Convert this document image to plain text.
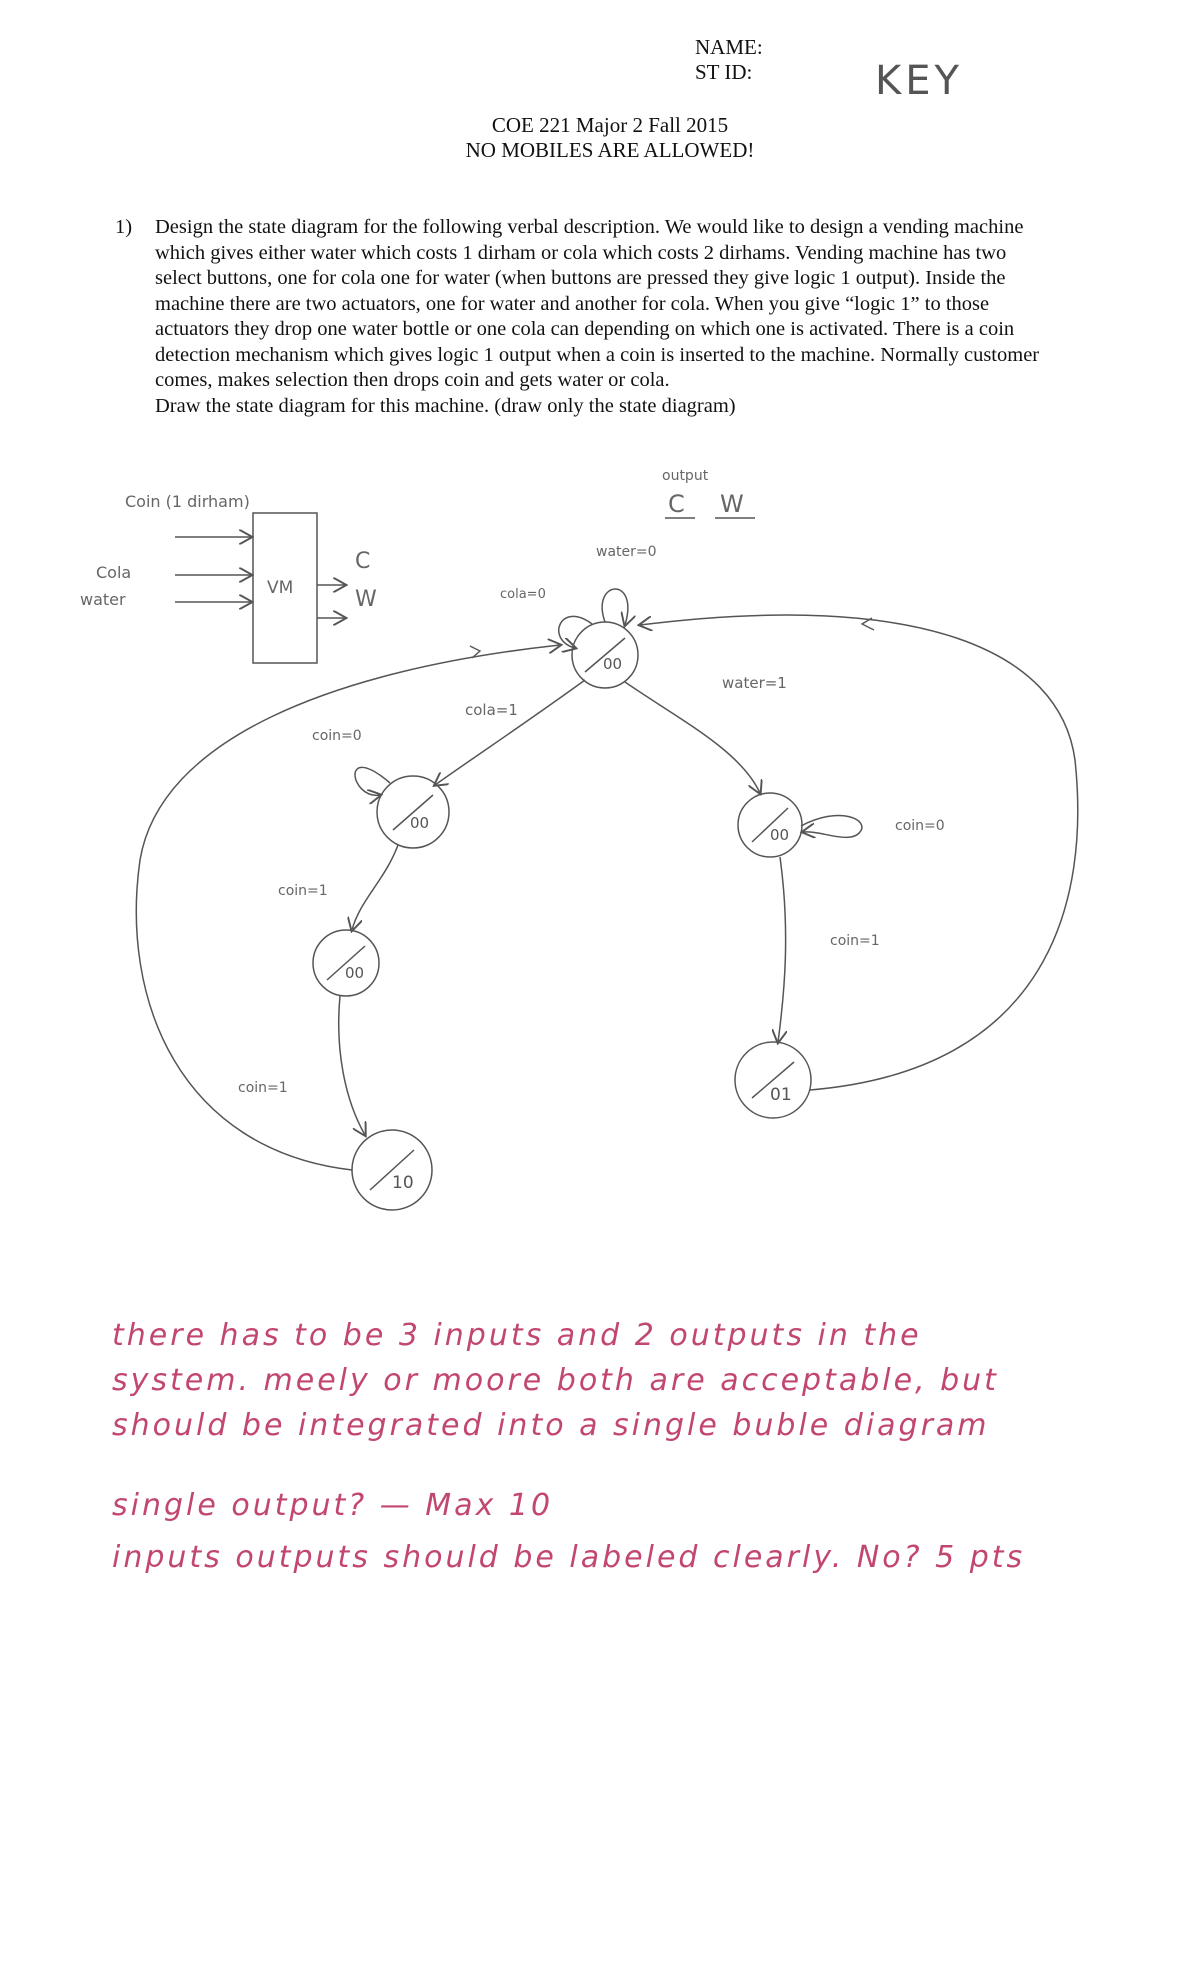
NAME:
ST ID:	KEY
COE 221 Major 2 Fall 2015
NO MOBILES ARE ALLOWED!
1) Design the state diagram for the following verbal description. We would like to design a vending machine which gives either water which costs 1 dirham or cola which costs 2 dirhams. Vending machine has two select buttons, one for cola one for water (when buttons are pressed they give logic 1 output). Inside the machine there are two actuators, one for water and another for cola. When you give “logic 1” to those actuators they drop one water bottle or one cola can depending on which one is activated. There is a coin detection mechanism which gives logic 1 output when a coin is inserted to the machine. Normally customer comes, makes selection then drops coin and gets water or cola.

Draw the state diagram for this machine. (draw only the state diagram)

Coin (1 dirham)
Cola
water
VM
C
W
output
C W
water=0
cola=0
cola=1
water=1
coin=0
coin=1
coin=1
coin=0
coin=1
00
00
00
10
00
01
there has to be 3 inputs and 2 outputs in the
system. meely or moore both are acceptable, but
should be integrated into a single buble diagram
single output? — Max 10
inputs outputs should be labeled clearly. No? 5 pts
